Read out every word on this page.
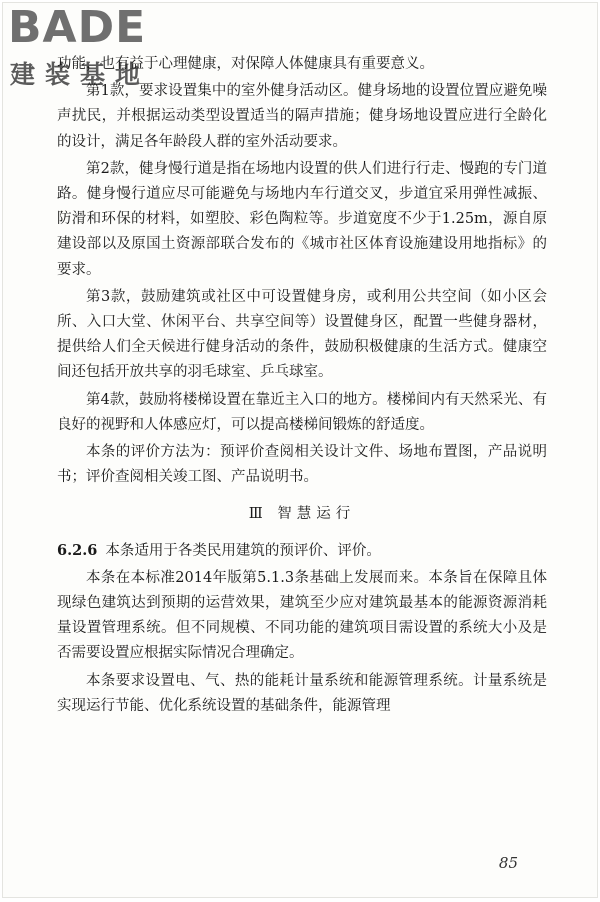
BADE
建装基地

功能，也有益于心理健康，对保障人体健康具有重要意义。

第1款，要求设置集中的室外健身活动区。健身场地的设置位置应避免噪声扰民，并根据运动类型设置适当的隔声措施；健身场地设置应进行全龄化的设计，满足各年龄段人群的室外活动要求。

第2款，健身慢行道是指在场地内设置的供人们进行行走、慢跑的专门道路。健身慢行道应尽可能避免与场地内车行道交叉，步道宜采用弹性减振、防滑和环保的材料，如塑胶、彩色陶粒等。步道宽度不少于1.25m，源自原建设部以及原国土资源部联合发布的《城市社区体育设施建设用地指标》的要求。

第3款，鼓励建筑或社区中可设置健身房，或利用公共空间（如小区会所、入口大堂、休闲平台、共享空间等）设置健身区，配置一些健身器材，提供给人们全天候进行健身活动的条件，鼓励积极健康的生活方式。健康空间还包括开放共享的羽毛球室、乒乓球室。

第4款，鼓励将楼梯设置在靠近主入口的地方。楼梯间内有天然采光、有良好的视野和人体感应灯，可以提高楼梯间锻炼的舒适度。

本条的评价方法为：预评价查阅相关设计文件、场地布置图，产品说明书；评价查阅相关竣工图、产品说明书。

Ⅲ 智慧运行

6.2.6 本条适用于各类民用建筑的预评价、评价。

本条在本标准2014年版第5.1.3条基础上发展而来。本条旨在保障且体现绿色建筑达到预期的运营效果，建筑至少应对建筑最基本的能源资源消耗量设置管理系统。但不同规模、不同功能的建筑项目需设置的系统大小及是否需要设置应根据实际情况合理确定。

本条要求设置电、气、热的能耗计量系统和能源管理系统。计量系统是实现运行节能、优化系统设置的基础条件，能源管理

85
